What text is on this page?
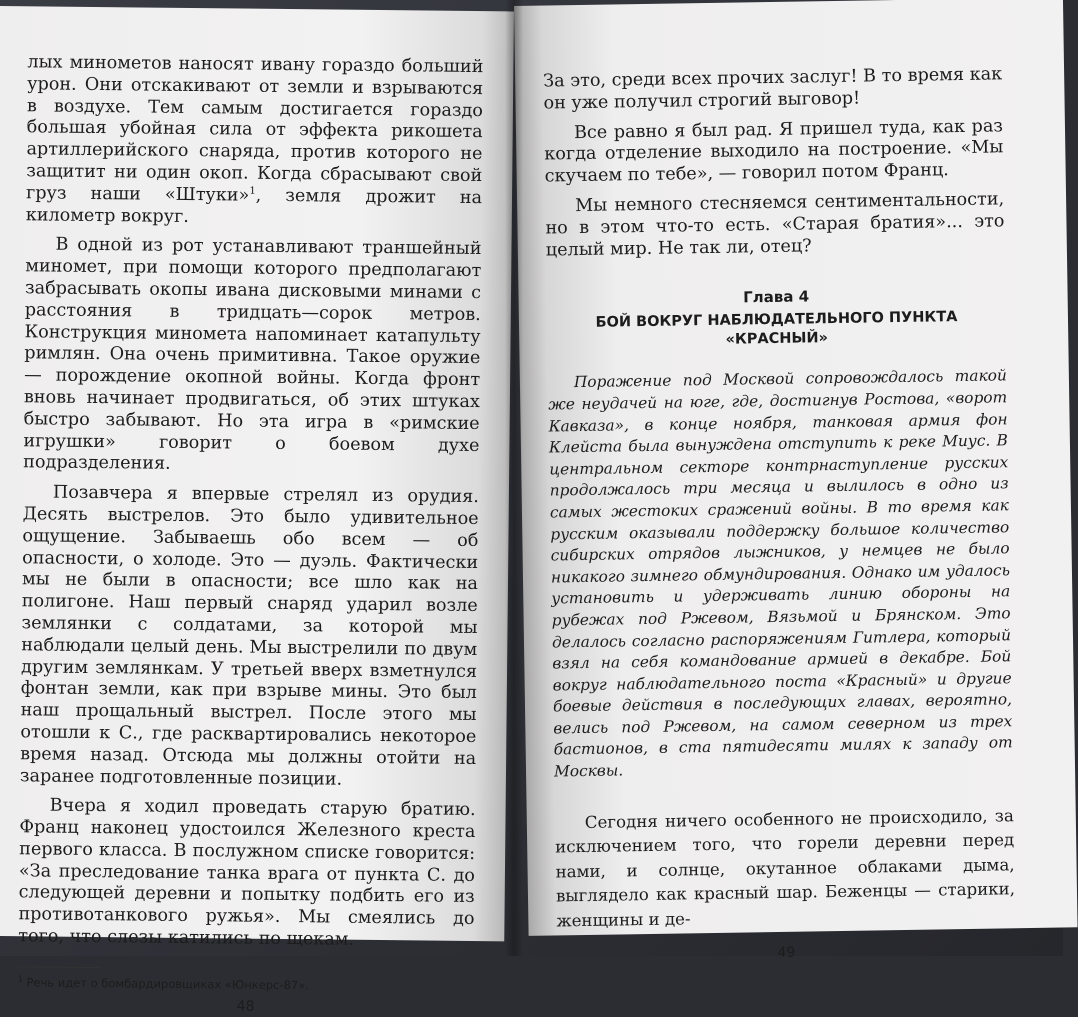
лых минометов наносят ивану гораздо больший урон. Они отскакивают от земли и взрываются в воздухе. Тем самым достигается гораздо большая убойная сила от эффекта рикошета артиллерийского снаряда, против которого не защитит ни один окоп. Когда сбрасывают свой груз наши «Штуки»$^1$, земля дрожит на километр вокруг.

В одной из рот устанавливают траншейный миномет, при помощи которого предполагают забрасывать окопы ивана дисковыми минами с расстояния в тридцать—сорок метров. Конструкция миномета напоминает катапульту римлян. Она очень примитивна. Такое оружие — порождение окопной войны. Когда фронт вновь начинает продвигаться, об этих штуках быстро забывают. Но эта игра в «римские игрушки» говорит о боевом духе подразделения.

Позавчера я впервые стрелял из орудия. Десять выстрелов. Это было удивительное ощущение. Забываешь обо всем — об опасности, о холоде. Это — дуэль. Фактически мы не были в опасности; все шло как на полигоне. Наш первый снаряд ударил возле землянки с солдатами, за которой мы наблюдали целый день. Мы выстрелили по двум другим землянкам. У третьей вверх взметнулся фонтан земли, как при взрыве мины. Это был наш прощальный выстрел. После этого мы отошли к С., где расквартировались некоторое время назад. Отсюда мы должны отойти на заранее подготовленные позиции.

Вчера я ходил проведать старую братию. Франц наконец удостоился Железного креста первого класса. В послужном списке говорится: «За преследование танка врага от пункта С. до следующей деревни и попытку подбить его из противотанкового ружья». Мы смеялись до того, что слезы катились по щекам.

$^1$ Речь идет о бомбардировщиках «Юнкерс-87».
48

За это, среди всех прочих заслуг! В то время как он уже получил строгий выговор!

Все равно я был рад. Я пришел туда, как раз когда отделение выходило на построение. «Мы скучаем по тебе», — говорил потом Франц.

Мы немного стесняемся сентиментальности, но в этом что-то есть. «Старая братия»... это целый мир. Не так ли, отец?

Глава 4
БОЙ ВОКРУГ НАБЛЮДАТЕЛЬНОГО ПУНКТА
«КРАСНЫЙ»
Поражение под Москвой сопровождалось такой же неудачей на юге, где, достигнув Ростова, «ворот Кавказа», в конце ноября, танковая армия фон Клейста была вынуждена отступить к реке Миус. В центральном секторе контрнаступление русских продолжалось три месяца и вылилось в одно из самых жестоких сражений войны. В то время как русским оказывали поддержку большое количество сибирских отрядов лыжников, у немцев не было никакого зимнего обмундирования. Однако им удалось установить и удерживать линию обороны на рубежах под Ржевом, Вязьмой и Брянском. Это делалось согласно распоряжениям Гитлера, который взял на себя командование армией в декабре. Бой вокруг наблюдательного поста «Красный» и другие боевые действия в последующих главах, вероятно, велись под Ржевом, на самом северном из трех бастионов, в ста пятидесяти милях к западу от Москвы.

Сегодня ничего особенного не происходило, за исключением того, что горели деревни перед нами, и солнце, окутанное облаками дыма, выглядело как красный шар. Беженцы — старики, женщины и де-

49
